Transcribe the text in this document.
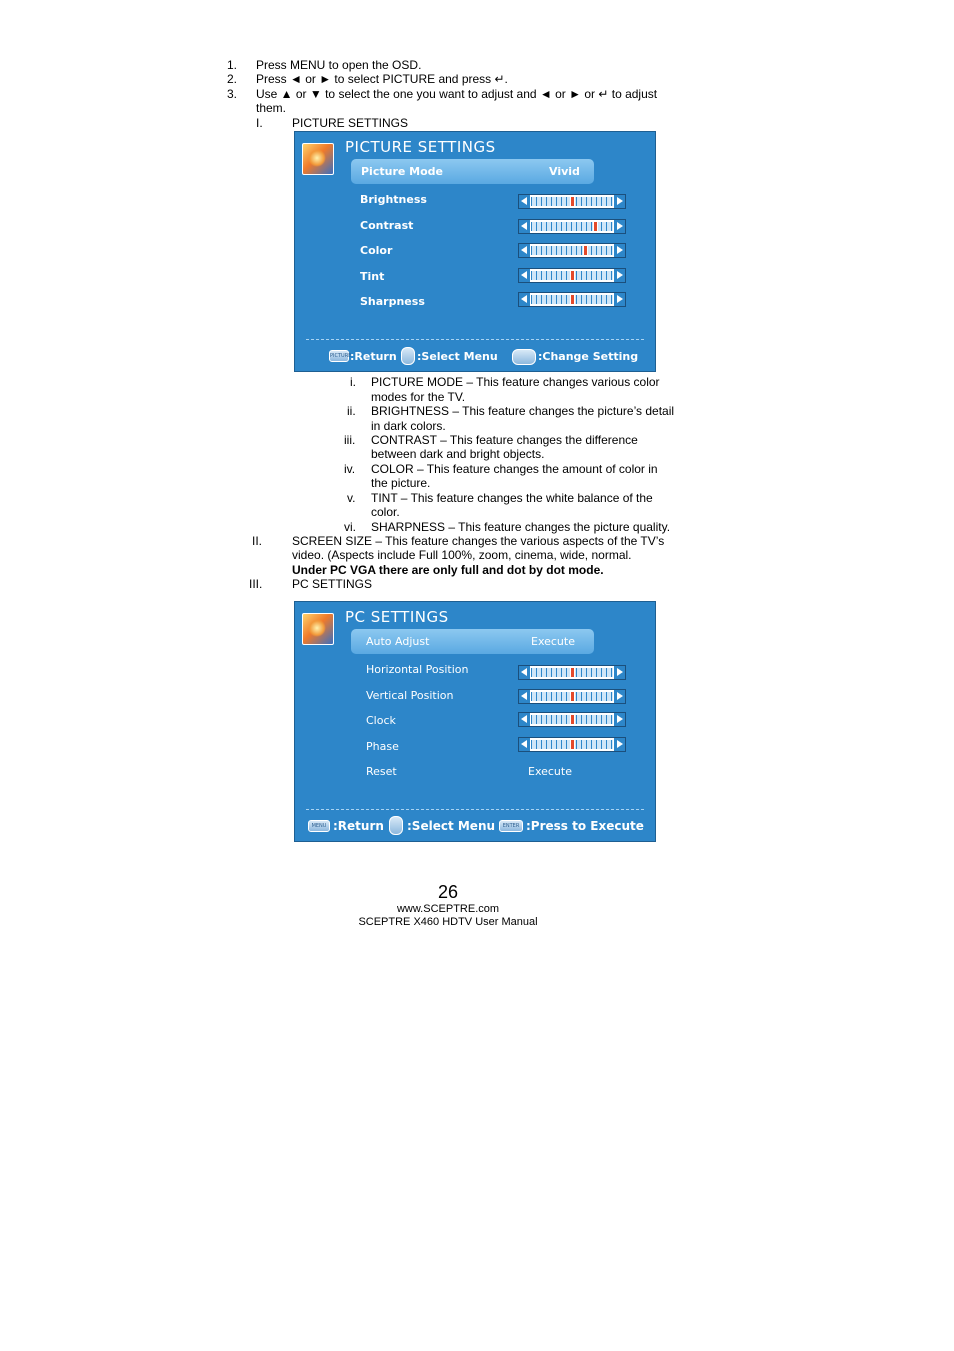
1. Press MENU to open the OSD.
2. Press ◄ or ► to select PICTURE and press ↵.
3. Use ▲ or ▼ to select the one you want to adjust and ◄ or ► or ↵ to adjust
them.
I. PICTURE SETTINGS
PICTURE SETTINGS
Picture Mode	Vivid
Brightness
Contrast
Color
Tint
Sharpness
PICTURE
:Return :Select Menu	:Change Setting
i. PICTURE MODE – This feature changes various color
modes for the TV.
ii. BRIGHTNESS – This feature changes the picture’s detail
in dark colors.
iii. CONTRAST – This feature changes the difference
between dark and bright objects.
iv. COLOR – This feature changes the amount of color in
the picture.
v. TINT – This feature changes the white balance of the
color.
vi. SHARPNESS – This feature changes the picture quality.
II. SCREEN SIZE – This feature changes the various aspects of the TV’s
video. (Aspects include Full 100%, zoom, cinema, wide, normal.
Under PC VGA there are only full and dot by dot mode.
III. PC SETTINGS
PC SETTINGS
Auto Adjust	Execute
Horizontal Position
Vertical Position
Clock
Phase
Reset	Execute
MENU :Return :Select Menu	ENTER :Press to Execute
26
www.SCEPTRE.com
SCEPTRE X460 HDTV User Manual
